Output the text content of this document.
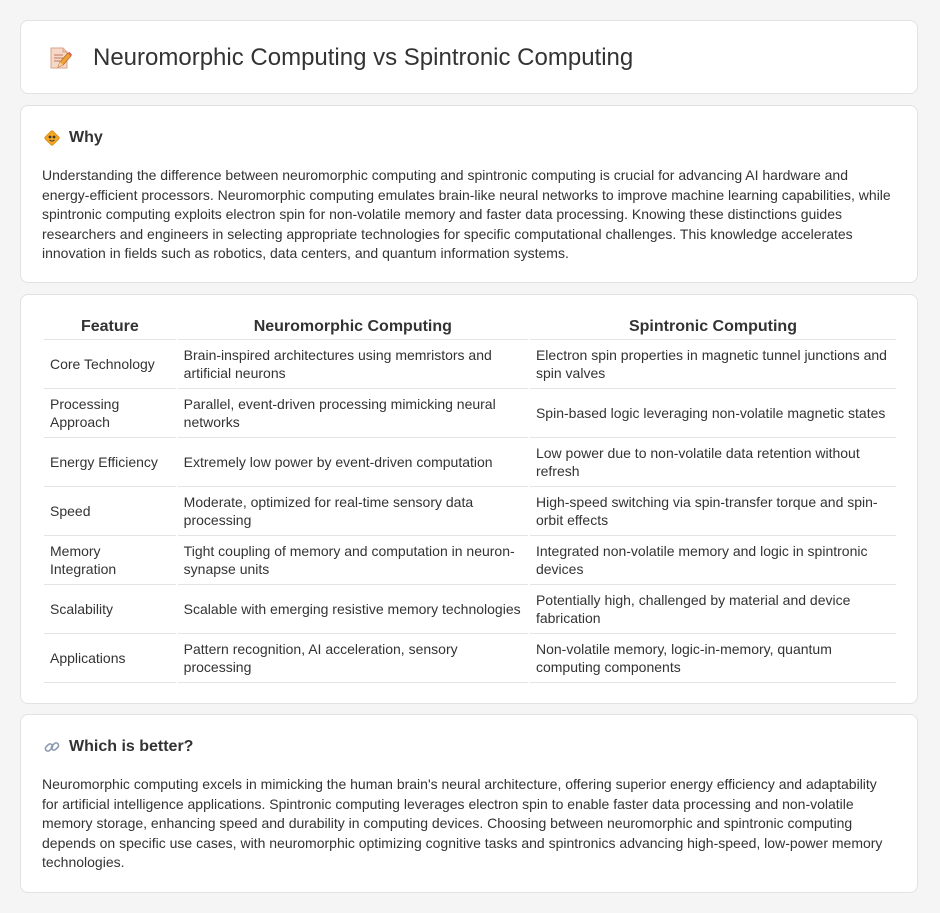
Neuromorphic Computing vs Spintronic Computing
Why

Understanding the difference between neuromorphic computing and spintronic computing is crucial for advancing AI hardware and energy-efficient processors. Neuromorphic computing emulates brain-like neural networks to improve machine learning capabilities, while spintronic computing exploits electron spin for non-volatile memory and faster data processing. Knowing these distinctions guides researchers and engineers in selecting appropriate technologies for specific computational challenges. This knowledge accelerates innovation in fields such as robotics, data centers, and quantum information systems.

Feature	Neuromorphic Computing	Spintronic Computing
Core Technology	Brain-inspired architectures using memristors and artificial neurons	Electron spin properties in magnetic tunnel junctions and spin valves
Processing Approach	Parallel, event-driven processing mimicking neural networks	Spin-based logic leveraging non-volatile magnetic states
Energy Efficiency	Extremely low power by event-driven computation	Low power due to non-volatile data retention without refresh
Speed	Moderate, optimized for real-time sensory data processing	High-speed switching via spin-transfer torque and spin-orbit effects
Memory Integration	Tight coupling of memory and computation in neuron-synapse units	Integrated non-volatile memory and logic in spintronic devices
Scalability	Scalable with emerging resistive memory technologies	Potentially high, challenged by material and device fabrication
Applications	Pattern recognition, AI acceleration, sensory processing	Non-volatile memory, logic-in-memory, quantum computing components
Which is better?

Neuromorphic computing excels in mimicking the human brain's neural architecture, offering superior energy efficiency and adaptability for artificial intelligence applications. Spintronic computing leverages electron spin to enable faster data processing and non-volatile memory storage, enhancing speed and durability in computing devices. Choosing between neuromorphic and spintronic computing depends on specific use cases, with neuromorphic optimizing cognitive tasks and spintronics advancing high-speed, low-power memory technologies.
